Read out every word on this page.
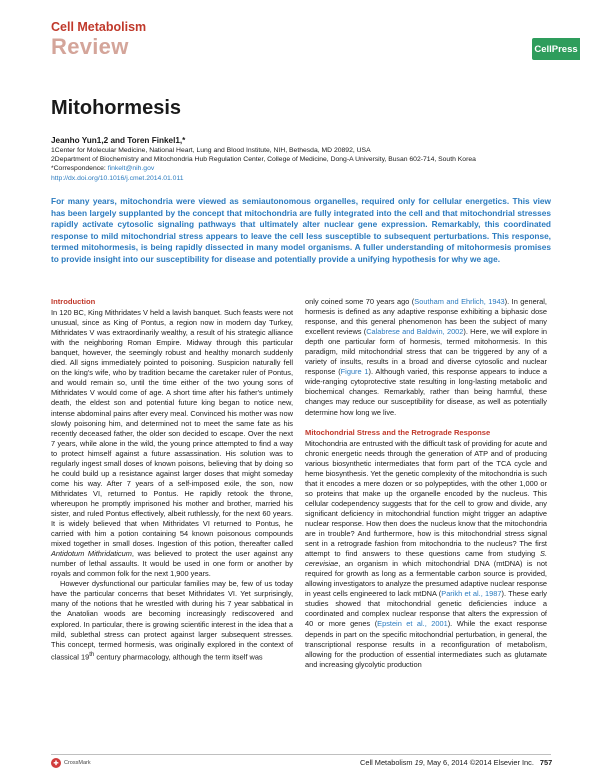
Cell Metabolism
Review	CellPress
Mitohormesis
Jeanho Yun1,2 and Toren Finkel1,*
1Center for Molecular Medicine, National Heart, Lung and Blood Institute, NIH, Bethesda, MD 20892, USA
2Department of Biochemistry and Mitochondria Hub Regulation Center, College of Medicine, Dong-A University, Busan 602-714, South Korea
*Correspondence: finkelt@nih.gov
http://dx.doi.org/10.1016/j.cmet.2014.01.011

For many years, mitochondria were viewed as semiautonomous organelles, required only for cellular energetics. This view has been largely supplanted by the concept that mitochondria are fully integrated into the cell and that mitochondrial stresses rapidly activate cytosolic signaling pathways that ultimately alter nuclear gene expression. Remarkably, this coordinated response to mild mitochondrial stress appears to leave the cell less susceptible to subsequent perturbations. This response, termed mitohormesis, is being rapidly dissected in many model organisms. A fuller understanding of mitohormesis promises to provide insight into our susceptibility for disease and potentially provide a unifying hypothesis for why we age.

Introduction

In 120 BC, King Mithridates V held a lavish banquet. Such feasts were not unusual, since as King of Pontus, a region now in modern day Turkey, Mithridates V was extraordinarily wealthy, a result of his strategic alliance with the neighboring Roman Empire. Midway through this particular banquet, however, the seemingly robust and healthy monarch suddenly died. All signs immediately pointed to poisoning. Suspicion naturally fell on the king's wife, who by tradition became the caretaker ruler of Pontus, and would remain so, until the time either of the two young sons of Mithridates V would come of age. A short time after his father's untimely death, the eldest son and potential future king began to notice new, intense abdominal pains after every meal. Convinced his mother was now slowly poisoning him, and determined not to meet the same fate as his recently deceased father, the older son decided to escape. Over the next 7 years, while alone in the wild, the young prince attempted to find a way to protect himself against a future assassination. His solution was to regularly ingest small doses of known poisons, believing that by doing so he could build up a resistance against larger doses that might someday come his way. After 7 years of a self-imposed exile, the son, now Mithridates VI, returned to Pontus. He rapidly retook the throne, whereupon he promptly imprisoned his mother and brother, married his sister, and ruled Pontus effectively, albeit ruthlessly, for the next 60 years. It is widely believed that when Mithridates VI returned to Pontus, he carried with him a potion containing 54 known poisonous compounds mixed together in small doses. Ingestion of this potion, thereafter called Antidotum Mithridaticum, was believed to protect the user against any number of lethal assaults. It would be used in one form or another by royals and common folk for the next 1,900 years.

However dysfunctional our particular families may be, few of us today have the particular concerns that beset Mithridates VI. Yet surprisingly, many of the notions that he wrestled with during his 7 year sabbatical in the Anatolian woods are becoming increasingly rediscovered and explored. In particular, there is growing scientific interest in the idea that a mild, sublethal stress can protect against larger subsequent stresses. This concept, termed hormesis, was originally explored in the context of classical 19th century pharmacology, although the term itself was

only coined some 70 years ago (Southam and Ehrlich, 1943). In general, hormesis is defined as any adaptive response exhibiting a biphasic dose response, and this general phenomenon has been the subject of many excellent reviews (Calabrese and Baldwin, 2002). Here, we will explore in depth one particular form of hormesis, termed mitohormesis. In this paradigm, mild mitochondrial stress that can be triggered by any of a variety of insults, results in a broad and diverse cytosolic and nuclear response (Figure 1). Although varied, this response appears to induce a wide-ranging cytoprotective state resulting in long-lasting metabolic and biochemical changes. Remarkably, rather than being harmful, these changes may reduce our susceptibility for disease, as well as potentially determine how long we live.

Mitochondrial Stress and the Retrograde Response

Mitochondria are entrusted with the difficult task of providing for acute and chronic energetic needs through the generation of ATP and of producing various biosynthetic intermediates that form part of the TCA cycle and heme biosynthesis. Yet the genetic complexity of the mitochondria is such that it encodes a mere dozen or so polypeptides, with the other 1,000 or so proteins that make up the organelle encoded by the nucleus. This cellular codependency suggests that for the cell to grow and divide, any significant deficiency in mitochondrial function might trigger an adaptive nuclear response. How then does the nucleus know that the mitochondria are in trouble? And furthermore, how is this mitochondrial stress signal sent in a retrograde fashion from mitochondria to the nucleus? The first attempt to find answers to these questions came from studying S. cerevisiae, an organism in which mitochondrial DNA (mtDNA) is not required for growth as long as a fermentable carbon source is provided, allowing investigators to analyze the presumed adaptive nuclear response in yeast cells engineered to lack mtDNA (Parikh et al., 1987). These early studies showed that mitochondrial genetic deficiencies induce a coordinated and complex nuclear response that alters the expression of 40 or more genes (Epstein et al., 2001). While the exact response depends in part on the specific mitochondrial perturbation, in general, the transcriptional response results in a reconfiguration of metabolism, allowing for the production of essential intermediates such as glutamate and increasing glycolytic production

✚ CrossMark	Cell Metabolism 19, May 6, 2014 ©2014 Elsevier Inc. 757
